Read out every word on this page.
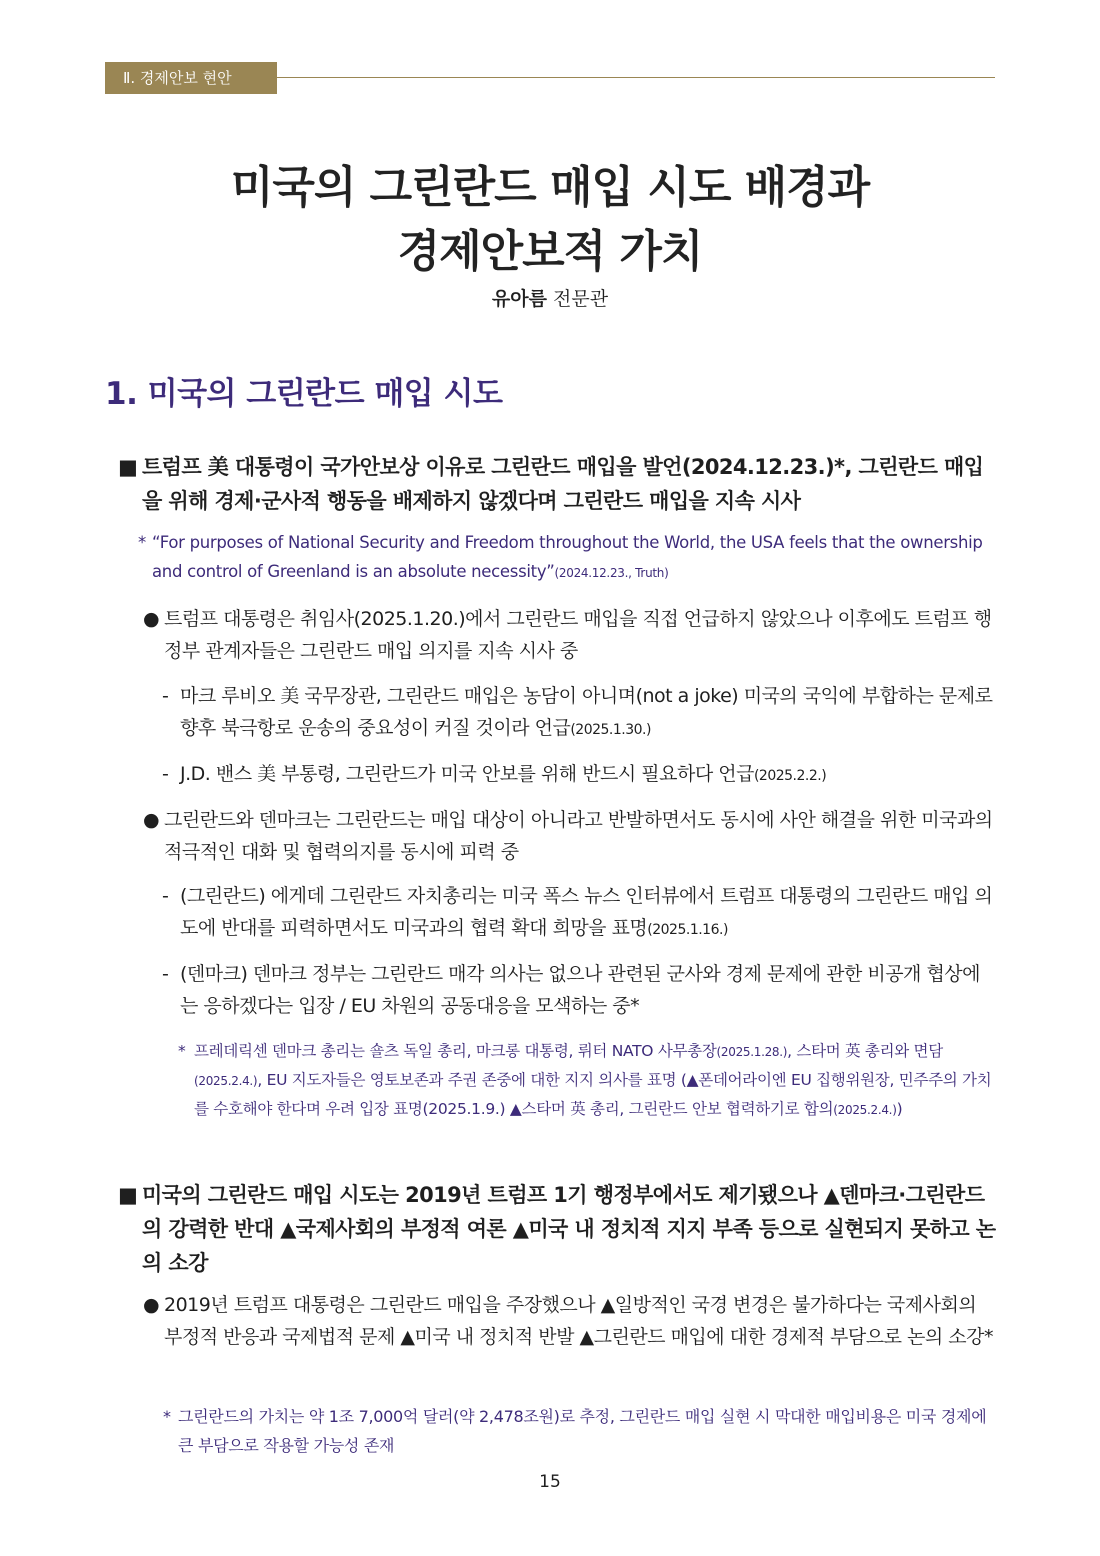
Ⅱ. 경제안보 현안
미국의 그린란드 매입 시도 배경과
경제안보적 가치
유아름 전문관
1. 미국의 그린란드 매입 시도
■ 트럼프 美 대통령이 국가안보상 이유로 그린란드 매입을 발언(2024.12.23.)*, 그린란드 매입을 위해 경제·군사적 행동을 배제하지 않겠다며 그린란드 매입을 지속 시사

* “For purposes of National Security and Freedom throughout the World, the USA feels that the ownership and control of Greenland is an absolute necessity”(2024.12.23., Truth)

● 트럼프 대통령은 취임사(2025.1.20.)에서 그린란드 매입을 직접 언급하지 않았으나 이후에도 트럼프 행정부 관계자들은 그린란드 매입 의지를 지속 시사 중

- 마크 루비오 美 국무장관, 그린란드 매입은 농담이 아니며(not a joke) 미국의 국익에 부합하는 문제로 향후 북극항로 운송의 중요성이 커질 것이라 언급(2025.1.30.)

- J.D. 밴스 美 부통령, 그린란드가 미국 안보를 위해 반드시 필요하다 언급(2025.2.2.)

● 그린란드와 덴마크는 그린란드는 매입 대상이 아니라고 반발하면서도 동시에 사안 해결을 위한 미국과의 적극적인 대화 및 협력의지를 동시에 피력 중

- (그린란드) 에게데 그린란드 자치총리는 미국 폭스 뉴스 인터뷰에서 트럼프 대통령의 그린란드 매입 의도에 반대를 피력하면서도 미국과의 협력 확대 희망을 표명(2025.1.16.)

- (덴마크) 덴마크 정부는 그린란드 매각 의사는 없으나 관련된 군사와 경제 문제에 관한 비공개 협상에는 응하겠다는 입장 / EU 차원의 공동대응을 모색하는 중*

* 프레데릭센 덴마크 총리는 숄츠 독일 총리, 마크롱 대통령, 뤼터 NATO 사무총장(2025.1.28.), 스타머 英 총리와 면담(2025.2.4.), EU 지도자들은 영토보존과 주권 존중에 대한 지지 의사를 표명 (▲폰데어라이엔 EU 집행위원장, 민주주의 가치를 수호해야 한다며 우려 입장 표명(2025.1.9.) ▲스타머 英 총리, 그린란드 안보 협력하기로 합의(2025.2.4.))

■ 미국의 그린란드 매입 시도는 2019년 트럼프 1기 행정부에서도 제기됐으나 ▲덴마크·그린란드의 강력한 반대 ▲국제사회의 부정적 여론 ▲미국 내 정치적 지지 부족 등으로 실현되지 못하고 논의 소강

● 2019년 트럼프 대통령은 그린란드 매입을 주장했으나 ▲일방적인 국경 변경은 불가하다는 국제사회의 부정적 반응과 국제법적 문제 ▲미국 내 정치적 반발 ▲그린란드 매입에 대한 경제적 부담으로 논의 소강*

* 그린란드의 가치는 약 1조 7,000억 달러(약 2,478조원)로 추정, 그린란드 매입 실현 시 막대한 매입비용은 미국 경제에 큰 부담으로 작용할 가능성 존재

15
